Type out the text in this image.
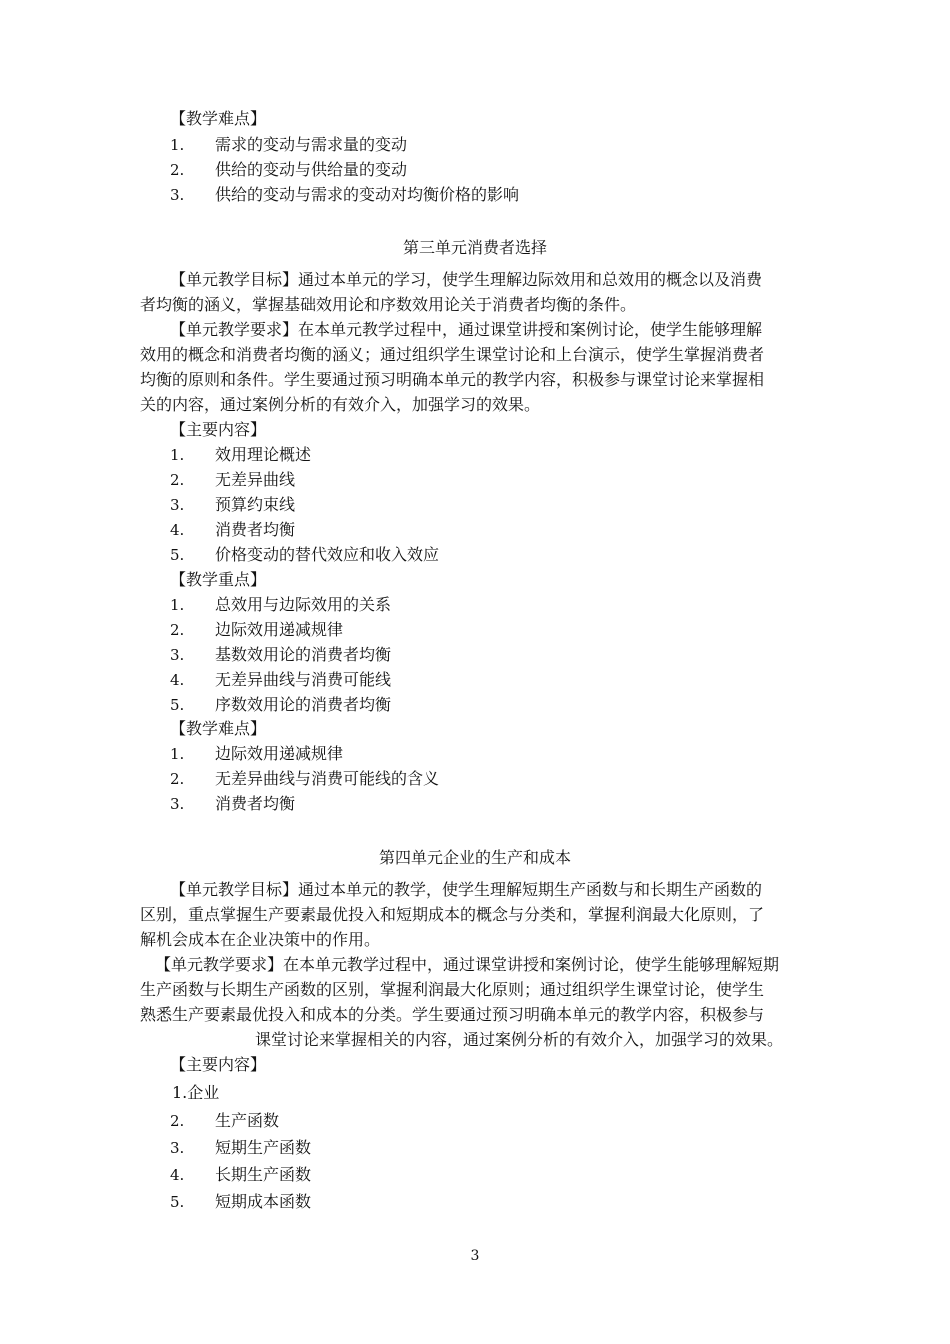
【教学难点】
1.	需求的变动与需求量的变动
2.	供给的变动与供给量的变动
3.	供给的变动与需求的变动对均衡价格的影响
第三单元消费者选择
【单元教学目标】通过本单元的学习，使学生理解边际效用和总效用的概念以及消费
者均衡的涵义，掌握基础效用论和序数效用论关于消费者均衡的条件。
【单元教学要求】在本单元教学过程中，通过课堂讲授和案例讨论，使学生能够理解
效用的概念和消费者均衡的涵义；通过组织学生课堂讨论和上台演示，使学生掌握消费者
均衡的原则和条件。学生要通过预习明确本单元的教学内容，积极参与课堂讨论来掌握相
关的内容，通过案例分析的有效介入，加强学习的效果。
【主要内容】
1.	效用理论概述
2.	无差异曲线
3.	预算约束线
4.	消费者均衡
5.	价格变动的替代效应和收入效应
【教学重点】
1.	总效用与边际效用的关系
2.	边际效用递减规律
3.	基数效用论的消费者均衡
4.	无差异曲线与消费可能线
5.	序数效用论的消费者均衡
【教学难点】
1.	边际效用递减规律
2.	无差异曲线与消费可能线的含义
3.	消费者均衡
第四单元企业的生产和成本
【单元教学目标】通过本单元的教学，使学生理解短期生产函数与和长期生产函数的
区别，重点掌握生产要素最优投入和短期成本的概念与分类和，掌握利润最大化原则，了
解机会成本在企业决策中的作用。
【单元教学要求】在本单元教学过程中，通过课堂讲授和案例讨论，使学生能够理解短期
生产函数与长期生产函数的区别，掌握利润最大化原则；通过组织学生课堂讨论，使学生
熟悉生产要素最优投入和成本的分类。学生要通过预习明确本单元的教学内容，积极参与
课堂讨论来掌握相关的内容，通过案例分析的有效介入，加强学习的效果。
【主要内容】
1.企业
2.	生产函数
3.	短期生产函数
4.	长期生产函数
5.	短期成本函数
3
